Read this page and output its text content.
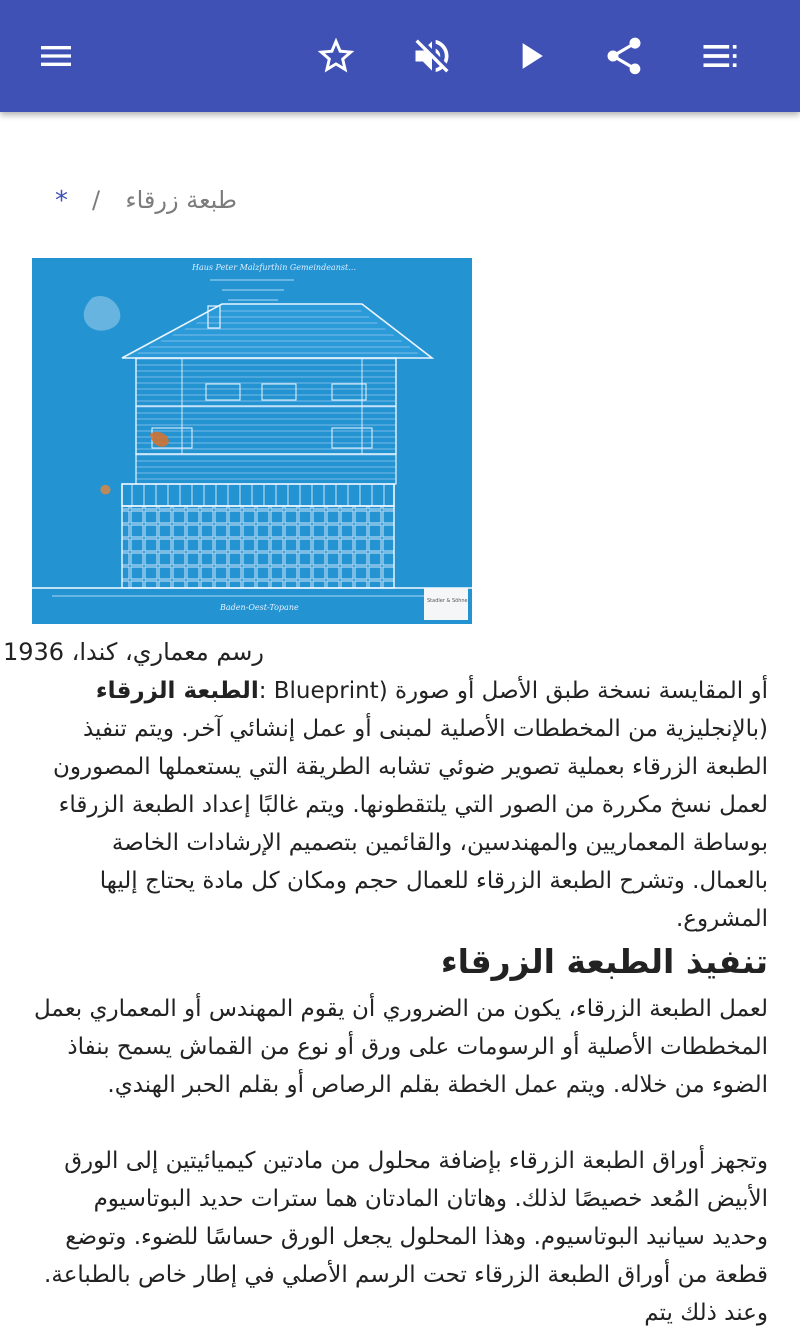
* / طبعة زرقاء
Haus Peter Malzfurthin Gemeindeanst…
Baden-Oest-Topane
Stadler & Söhne
رسم معماري، كندا، 1936

أو المقايسة نسخة طبق الأصل أو صورة (Blueprint :الطبعة الزرقاء (بالإنجليزية من المخططات الأصلية لمبنى أو عمل إنشائي آخر. ويتم تنفيذ الطبعة الزرقاء بعملية تصوير ضوئي تشابه الطريقة التي يستعملها المصورون لعمل نسخ مكررة من الصور التي يلتقطونها. ويتم غالبًا إعداد الطبعة الزرقاء بوساطة المعماريين والمهندسين، والقائمين بتصميم الإرشادات الخاصة بالعمال. وتشرح الطبعة الزرقاء للعمال حجم ومكان كل مادة يحتاج إليها المشروع.

تنفيذ الطبعة الزرقاء

لعمل الطبعة الزرقاء، يكون من الضروري أن يقوم المهندس أو المعماري بعمل المخططات الأصلية أو الرسومات على ورق أو نوع من القماش يسمح بنفاذ الضوء من خلاله. ويتم عمل الخطة بقلم الرصاص أو بقلم الحبر الهندي.

وتجهز أوراق الطبعة الزرقاء بإضافة محلول من مادتين كيميائيتين إلى الورق الأبيض المُعد خصيصًا لذلك. وهاتان المادتان هما سترات حديد البوتاسيوم وحديد سيانيد البوتاسيوم. وهذا المحلول يجعل الورق حساسًا للضوء. وتوضع قطعة من أوراق الطبعة الزرقاء تحت الرسم الأصلي في إطار خاص بالطباعة. وعند ذلك يتم
